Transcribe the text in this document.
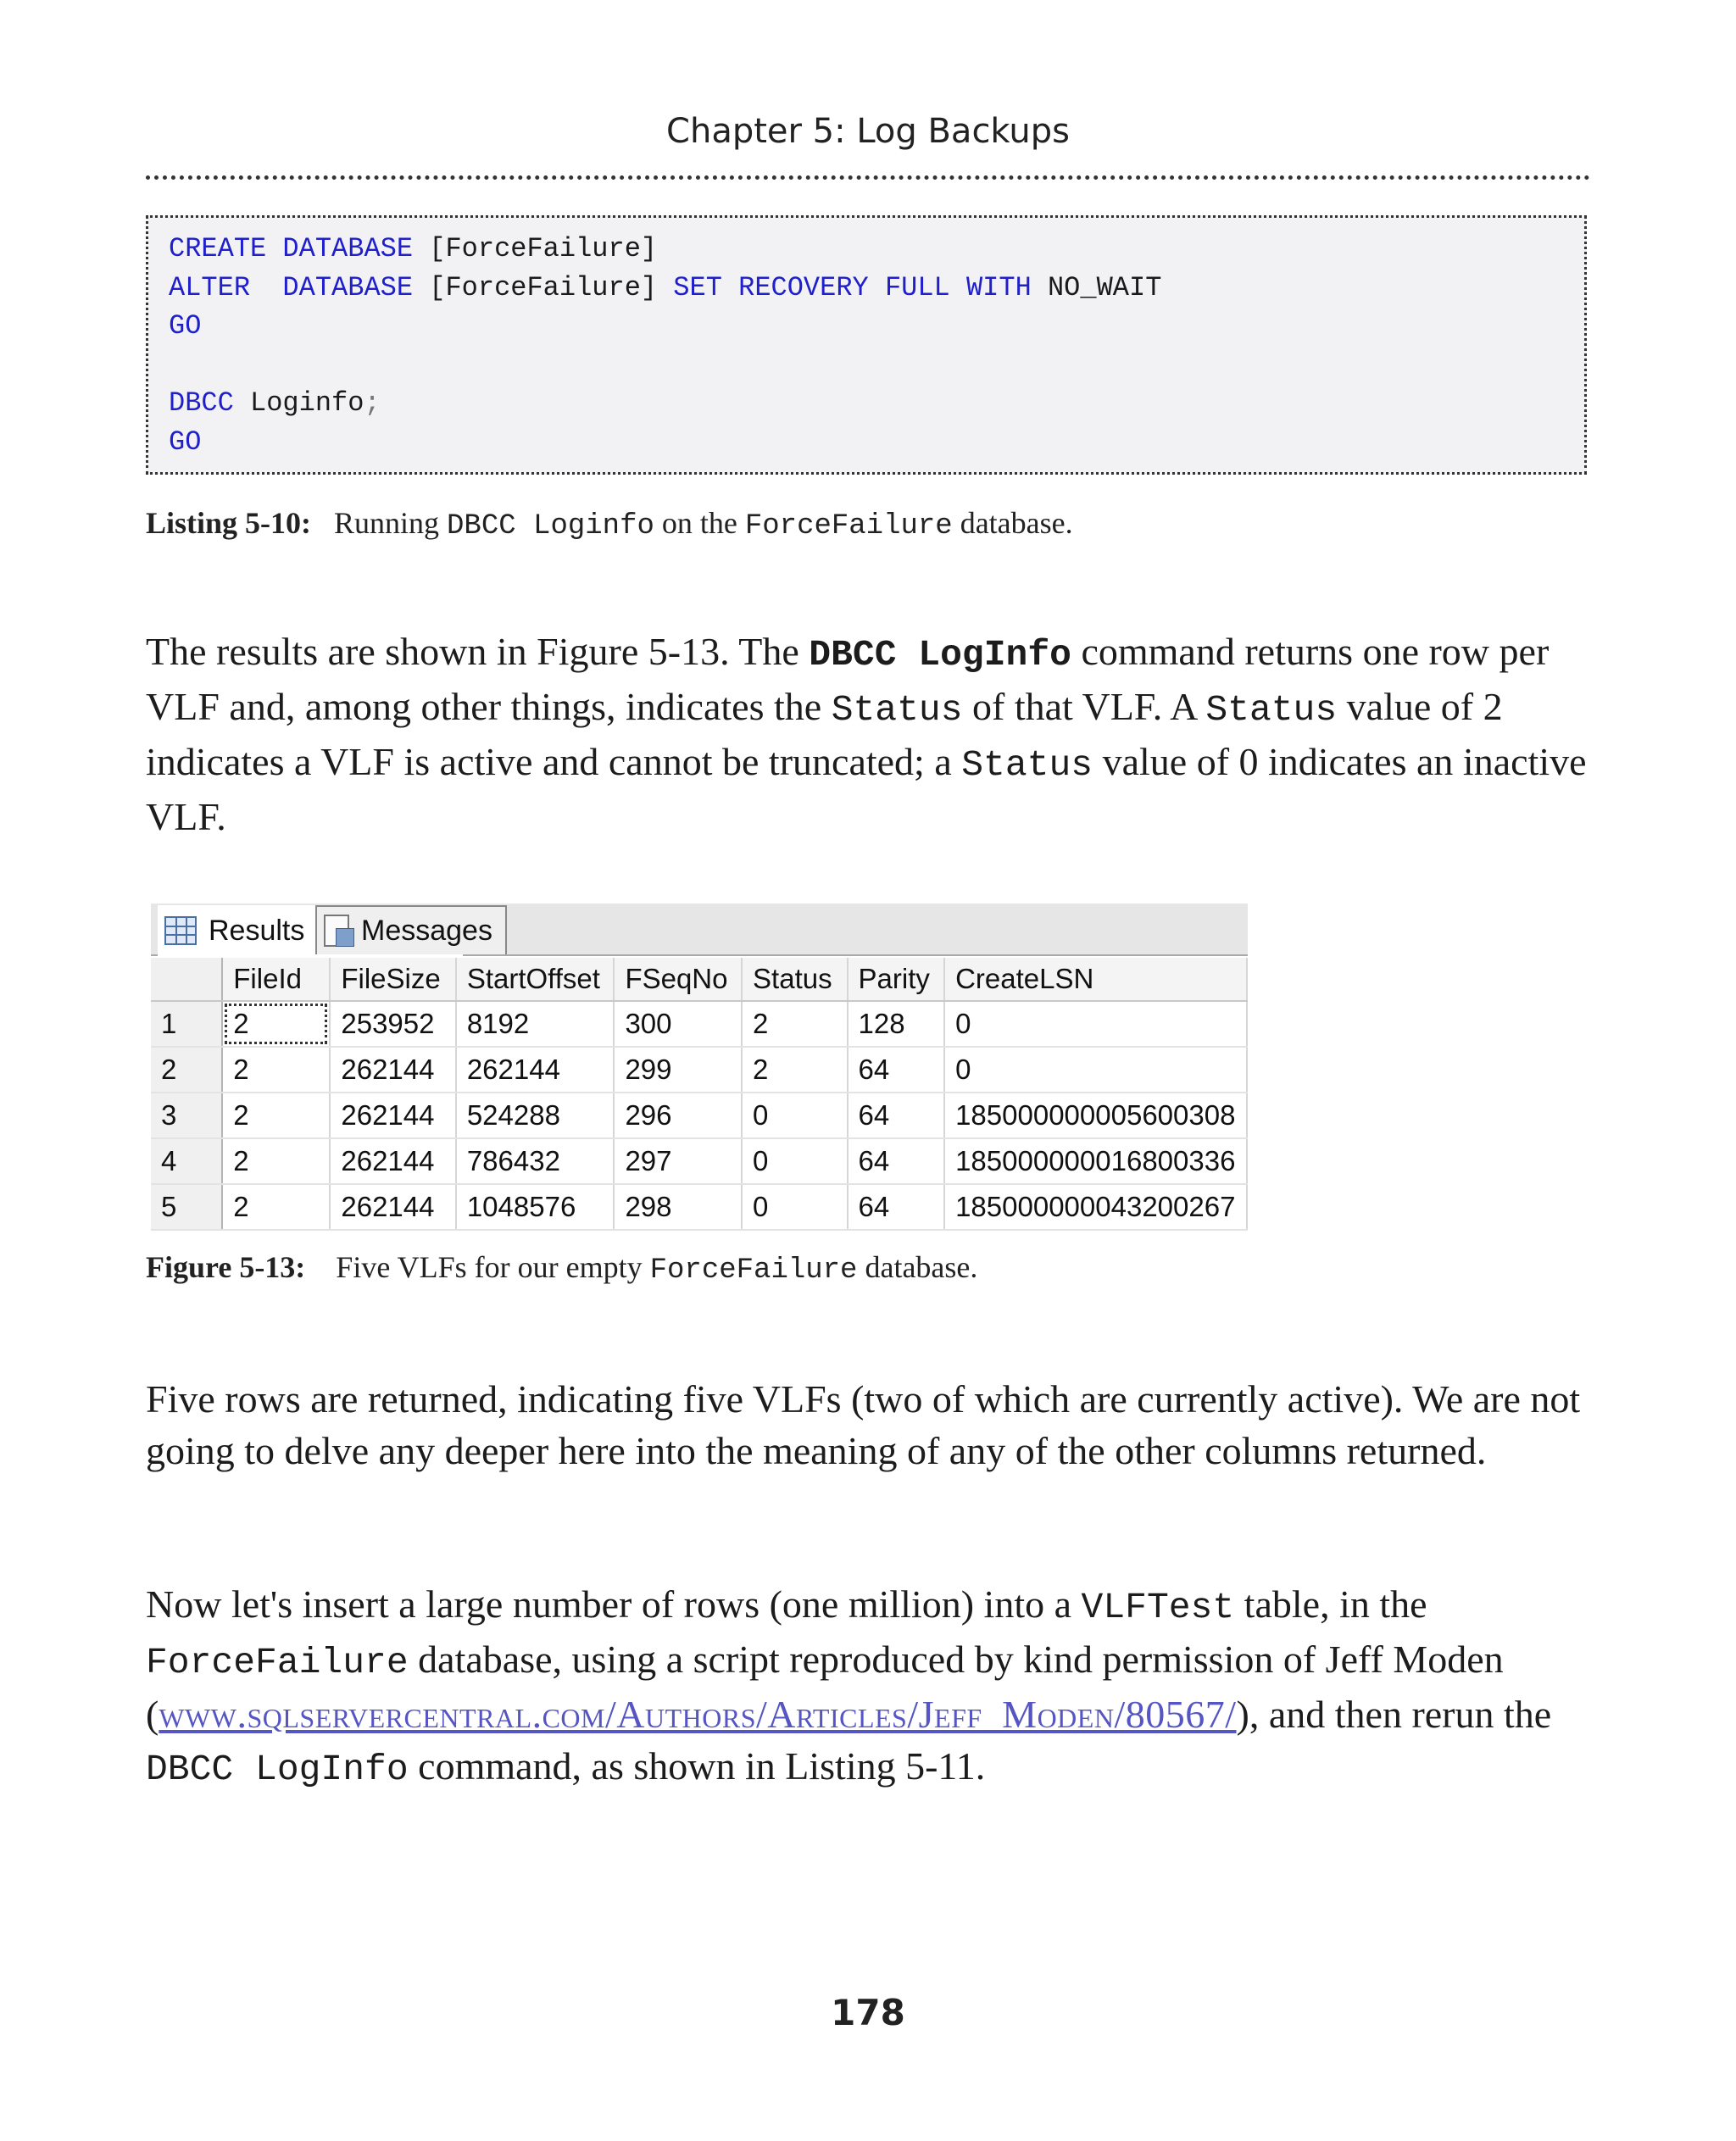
Chapter 5: Log Backups
CREATE DATABASE [ForceFailure]
ALTER  DATABASE [ForceFailure] SET RECOVERY FULL WITH NO_WAIT
GO
DBCC Loginfo;
GO
Listing 5-10: Running DBCC Loginfo on the ForceFailure database.
The results are shown in Figure 5-13. The DBCC LogInfo command returns one row per VLF and, among other things, indicates the Status of that VLF. A Status value of 2 indicates a VLF is active and cannot be truncated; a Status value of 0 indicates an inactive VLF.
Results Messages
	FileId	FileSize	StartOffset	FSeqNo	Status	Parity	CreateLSN
1	2	253952	8192	300	2	128	0
2	2	262144	262144	299	2	64	0
3	2	262144	524288	296	0	64	185000000005600308
4	2	262144	786432	297	0	64	185000000016800336
5	2	262144	1048576	298	0	64	185000000043200267
Figure 5-13: Five VLFs for our empty ForceFailure database.
Five rows are returned, indicating five VLFs (two of which are currently active). We are not going to delve any deeper here into the meaning of any of the other columns returned.
Now let's insert a large number of rows (one million) into a VLFTest table, in the ForceFailure database, using a script reproduced by kind permission of Jeff Moden (www.sqlservercentral.com/Authors/Articles/Jeff_Moden/80567/), and then rerun the DBCC LogInfo command, as shown in Listing 5-11.
178
